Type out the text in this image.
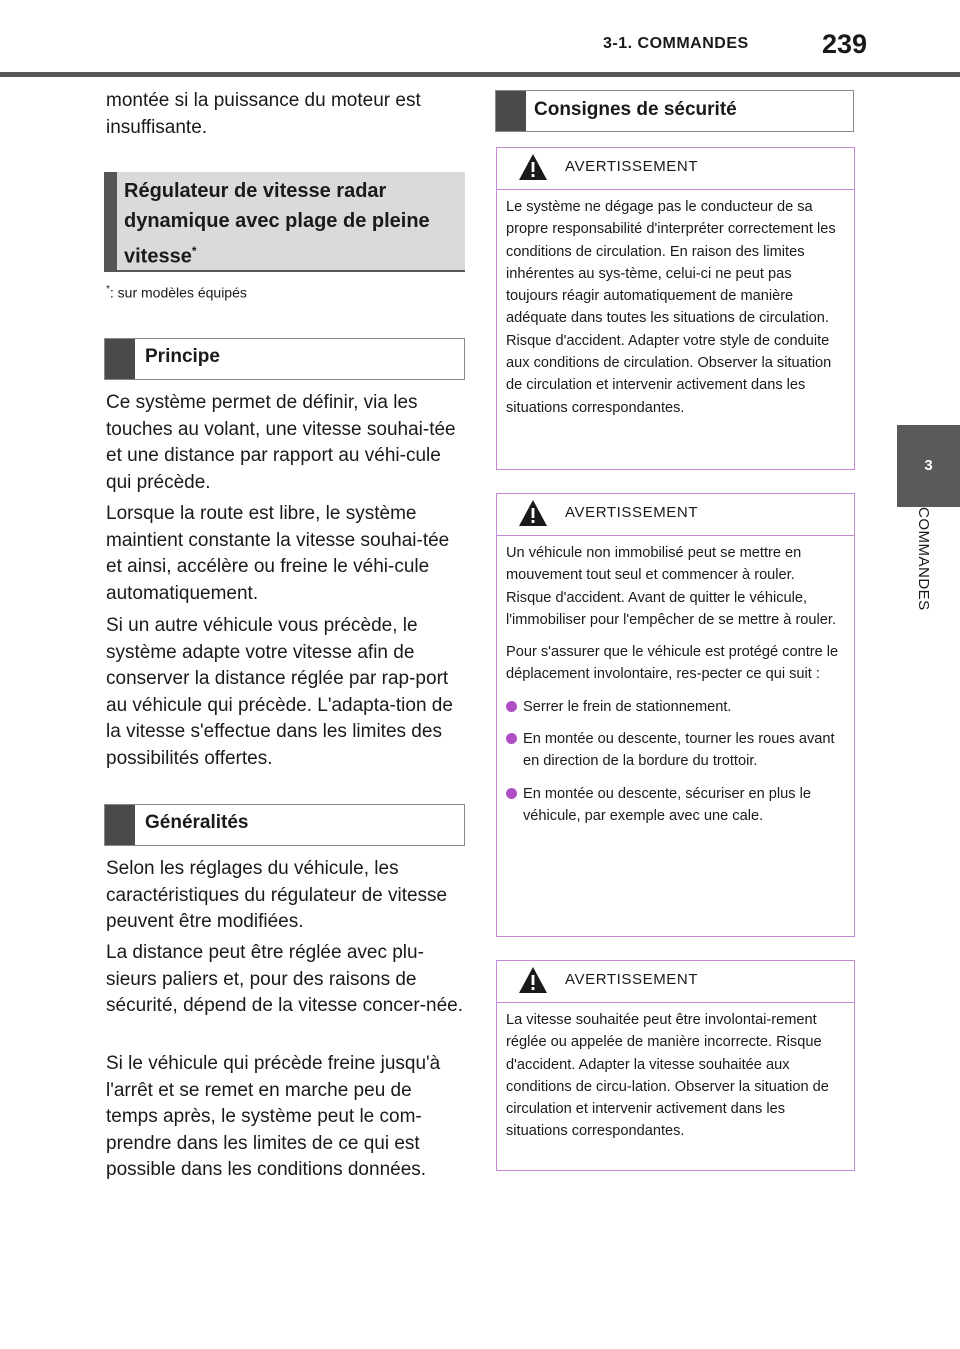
3-1. COMMANDES	239
3
COMMANDES

montée si la puissance du moteur est insuffisante.

Régulateur de vitesse radar dynamique avec plage de pleine vitesse*
*: sur modèles équipés
Principe

Ce système permet de définir, via les touches au volant, une vitesse souhai-tée et une distance par rapport au véhi-cule qui précède.

Lorsque la route est libre, le système maintient constante la vitesse souhai-tée et ainsi, accélère ou freine le véhi-cule automatiquement.

Si un autre véhicule vous précède, le système adapte votre vitesse afin de conserver la distance réglée par rap-port au véhicule qui précède. L'adapta-tion de la vitesse s'effectue dans les limites des possibilités offertes.

Généralités

Selon les réglages du véhicule, les caractéristiques du régulateur de vitesse peuvent être modifiées.

La distance peut être réglée avec plu-sieurs paliers et, pour des raisons de sécurité, dépend de la vitesse concer-née.

Si le véhicule qui précède freine jusqu'à l'arrêt et se remet en marche peu de temps après, le système peut le com-prendre dans les limites de ce qui est possible dans les conditions données.

Consignes de sécurité
AVERTISSEMENT

Le système ne dégage pas le conducteur de sa propre responsabilité d'interpréter correctement les conditions de circulation. En raison des limites inhérentes au sys-tème, celui-ci ne peut pas toujours réagir automatiquement de manière adéquate dans toutes les situations de circulation. Risque d'accident. Adapter votre style de conduite aux conditions de circulation. Observer la situation de circulation et intervenir activement dans les situations correspondantes.

AVERTISSEMENT

Un véhicule non immobilisé peut se mettre en mouvement tout seul et commencer à rouler. Risque d'accident. Avant de quitter le véhicule, l'immobiliser pour l'empêcher de se mettre à rouler.

Pour s'assurer que le véhicule est protégé contre le déplacement involontaire, res-pecter ce qui suit :

Serrer le frein de stationnement.

En montée ou descente, tourner les roues avant en direction de la bordure du trottoir.

En montée ou descente, sécuriser en plus le véhicule, par exemple avec une cale.

AVERTISSEMENT

La vitesse souhaitée peut être involontai-rement réglée ou appelée de manière incorrecte. Risque d'accident. Adapter la vitesse souhaitée aux conditions de circu-lation. Observer la situation de circulation et intervenir activement dans les situations correspondantes.
